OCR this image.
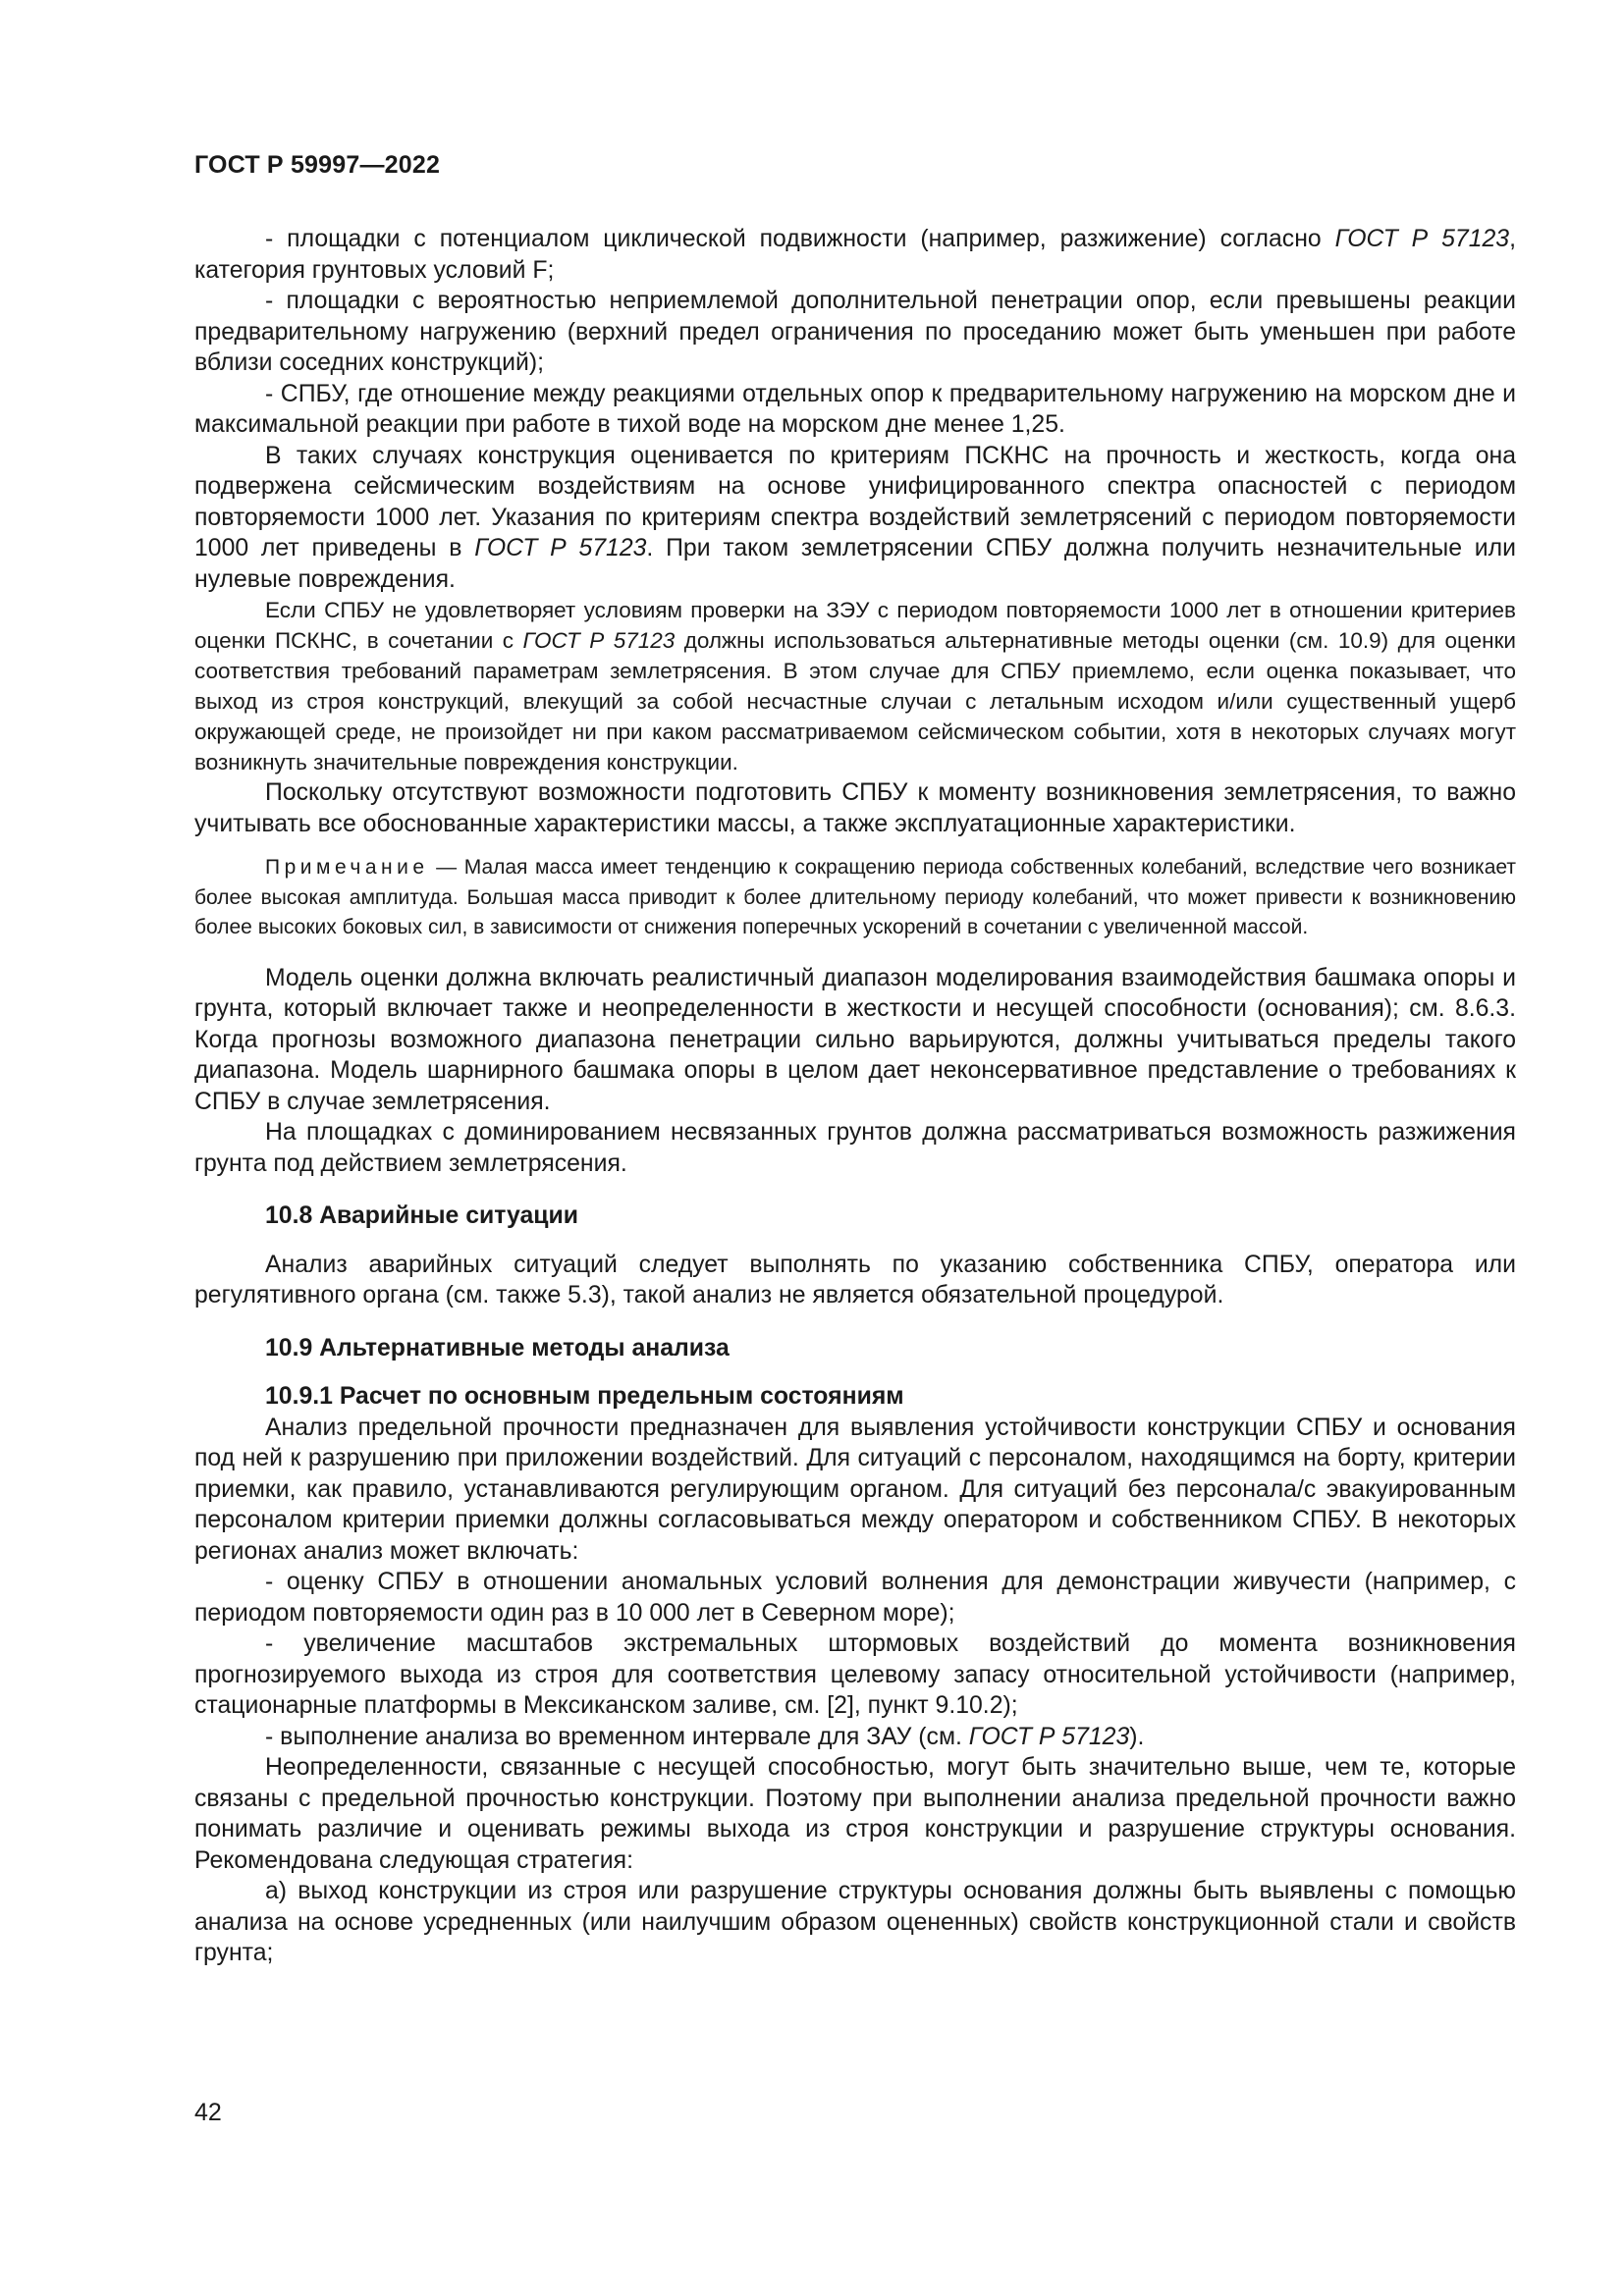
ГОСТ Р 59997—2022

- площадки с потенциалом циклической подвижности (например, разжижение) согласно ГОСТ Р 57123, категория грунтовых условий F;

- площадки с вероятностью неприемлемой дополнительной пенетрации опор, если превышены реакции предварительному нагружению (верхний предел ограничения по проседанию может быть уменьшен при работе вблизи соседних конструкций);

- СПБУ, где отношение между реакциями отдельных опор к предварительному нагружению на морском дне и максимальной реакции при работе в тихой воде на морском дне менее 1,25.

В таких случаях конструкция оценивается по критериям ПСКНС на прочность и жесткость, когда она подвержена сейсмическим воздействиям на основе унифицированного спектра опасностей с периодом повторяемости 1000 лет. Указания по критериям спектра воздействий землетрясений с периодом повторяемости 1000 лет приведены в ГОСТ Р 57123. При таком землетрясении СПБУ должна получить незначительные или нулевые повреждения.

Если СПБУ не удовлетворяет условиям проверки на ЗЭУ с периодом повторяемости 1000 лет в отношении критериев оценки ПСКНС, в сочетании с ГОСТ Р 57123 должны использоваться альтернативные методы оценки (см. 10.9) для оценки соответствия требований параметрам землетрясения. В этом случае для СПБУ приемлемо, если оценка показывает, что выход из строя конструкций, влекущий за собой несчастные случаи с летальным исходом и/или существенный ущерб окружающей среде, не произойдет ни при каком рассматриваемом сейсмическом событии, хотя в некоторых случаях могут возникнуть значительные повреждения конструкции.

Поскольку отсутствуют возможности подготовить СПБУ к моменту возникновения землетрясения, то важно учитывать все обоснованные характеристики массы, а также эксплуатационные характеристики.

Примечание — Малая масса имеет тенденцию к сокращению периода собственных колебаний, вследствие чего возникает более высокая амплитуда. Большая масса приводит к более длительному периоду колебаний, что может привести к возникновению более высоких боковых сил, в зависимости от снижения поперечных ускорений в сочетании с увеличенной массой.

Модель оценки должна включать реалистичный диапазон моделирования взаимодействия башмака опоры и грунта, который включает также и неопределенности в жесткости и несущей способности (основания); см. 8.6.3. Когда прогнозы возможного диапазона пенетрации сильно варьируются, должны учитываться пределы такого диапазона. Модель шарнирного башмака опоры в целом дает неконсервативное представление о требованиях к СПБУ в случае землетрясения.

На площадках с доминированием несвязанных грунтов должна рассматриваться возможность разжижения грунта под действием землетрясения.

10.8 Аварийные ситуации

Анализ аварийных ситуаций следует выполнять по указанию собственника СПБУ, оператора или регулятивного органа (см. также 5.3), такой анализ не является обязательной процедурой.

10.9 Альтернативные методы анализа
10.9.1 Расчет по основным предельным состояниям

Анализ предельной прочности предназначен для выявления устойчивости конструкции СПБУ и основания под ней к разрушению при приложении воздействий. Для ситуаций с персоналом, находящимся на борту, критерии приемки, как правило, устанавливаются регулирующим органом. Для ситуаций без персонала/с эвакуированным персоналом критерии приемки должны согласовываться между оператором и собственником СПБУ. В некоторых регионах анализ может включать:

- оценку СПБУ в отношении аномальных условий волнения для демонстрации живучести (например, с периодом повторяемости один раз в 10 000 лет в Северном море);

- увеличение масштабов экстремальных штормовых воздействий до момента возникновения прогнозируемого выхода из строя для соответствия целевому запасу относительной устойчивости (например, стационарные платформы в Мексиканском заливе, см. [2], пункт 9.10.2);

- выполнение анализа во временном интервале для ЗАУ (см. ГОСТ Р 57123).

Неопределенности, связанные с несущей способностью, могут быть значительно выше, чем те, которые связаны с предельной прочностью конструкции. Поэтому при выполнении анализа предельной прочности важно понимать различие и оценивать режимы выхода из строя конструкции и разрушение структуры основания. Рекомендована следующая стратегия:

а) выход конструкции из строя или разрушение структуры основания должны быть выявлены с помощью анализа на основе усредненных (или наилучшим образом оцененных) свойств конструкционной стали и свойств грунта;

42
